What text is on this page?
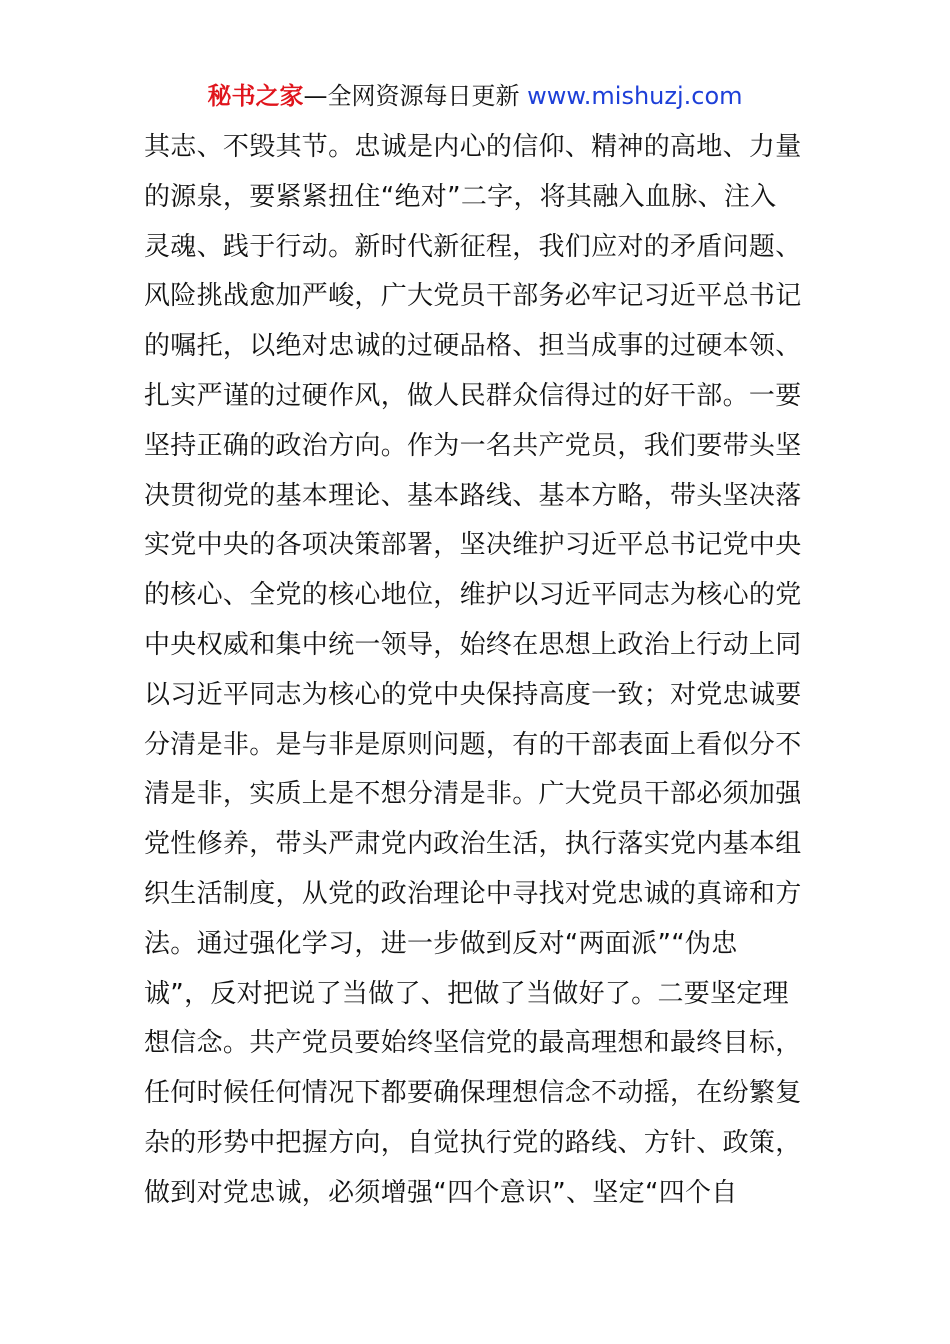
秘书之家—全网资源每日更新 www.mishuzj.com
其志、不毁其节。忠诚是内心的信仰、精神的高地、力量
的源泉，要紧紧扭住“绝对”二字，将其融入血脉、注入
灵魂、践于行动。新时代新征程，我们应对的矛盾问题、
风险挑战愈加严峻，广大党员干部务必牢记习近平总书记
的嘱托，以绝对忠诚的过硬品格、担当成事的过硬本领、
扎实严谨的过硬作风，做人民群众信得过的好干部。一要
坚持正确的政治方向。作为一名共产党员，我们要带头坚
决贯彻党的基本理论、基本路线、基本方略，带头坚决落
实党中央的各项决策部署，坚决维护习近平总书记党中央
的核心、全党的核心地位，维护以习近平同志为核心的党
中央权威和集中统一领导，始终在思想上政治上行动上同
以习近平同志为核心的党中央保持高度一致；对党忠诚要
分清是非。是与非是原则问题，有的干部表面上看似分不
清是非，实质上是不想分清是非。广大党员干部必须加强
党性修养，带头严肃党内政治生活，执行落实党内基本组
织生活制度，从党的政治理论中寻找对党忠诚的真谛和方
法。通过强化学习，进一步做到反对“两面派”“伪忠
诚”，反对把说了当做了、把做了当做好了。二要坚定理
想信念。共产党员要始终坚信党的最高理想和最终目标，
任何时候任何情况下都要确保理想信念不动摇，在纷繁复
杂的形势中把握方向，自觉执行党的路线、方针、政策，
做到对党忠诚，必须增强“四个意识”、坚定“四个自
